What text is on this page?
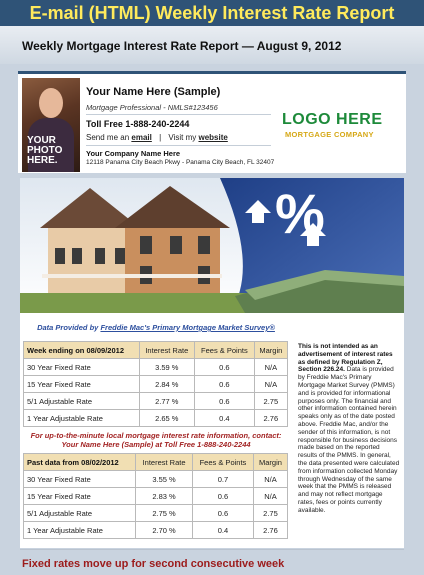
E-mail (HTML) Weekly Interest Rate Report
Weekly Mortgage Interest Rate Report — August 9, 2012
YOUR PHOTO HERE.
Your Name Here (Sample)
Mortgage Professional - NMLS#123456
Toll Free 1-888-240-2244
Send me an email | Visit my website
Your Company Name Here
12118 Panama City Beach Pkwy - Panama City Beach, FL 32407
LOGO HERE
MORTGAGE COMPANY
%
Data Provided by Freddie Mac's Primary Mortgage Market Survey®
Week ending on 08/09/2012	Interest Rate	Fees & Points	Margin
30 Year Fixed Rate	3.59 %	0.6	N/A
15 Year Fixed Rate	2.84 %	0.6	N/A
5/1 Adjustable Rate	2.77 %	0.6	2.75
1 Year Adjustable Rate	2.65 %	0.4	2.76
For up-to-the-minute local mortgage interest rate information, contact:
Your Name Here (Sample) at Toll Free 1-888-240-2244
Past data from 08/02/2012	Interest Rate	Fees & Points	Margin
30 Year Fixed Rate	3.55 %	0.7	N/A
15 Year Fixed Rate	2.83 %	0.6	N/A
5/1 Adjustable Rate	2.75 %	0.6	2.75
1 Year Adjustable Rate	2.70 %	0.4	2.76
This is not intended as an advertisement of interest rates as defined by Regulation Z, Section 226.24. Data is provided by Freddie Mac's Primary Mortgage Market Survey (PMMS) and is provided for informational purposes only. The financial and other information contained herein speaks only as of the date posted above. Freddie Mac, and/or the sender of this information, is not responsible for business decisions made based on the reported results of the PMMS. In general, the data presented were calculated from information collected Monday through Wednesday of the same week that the PMMS is released and may not reflect mortgage rates, fees or points currently available.
Fixed rates move up for second consecutive week
